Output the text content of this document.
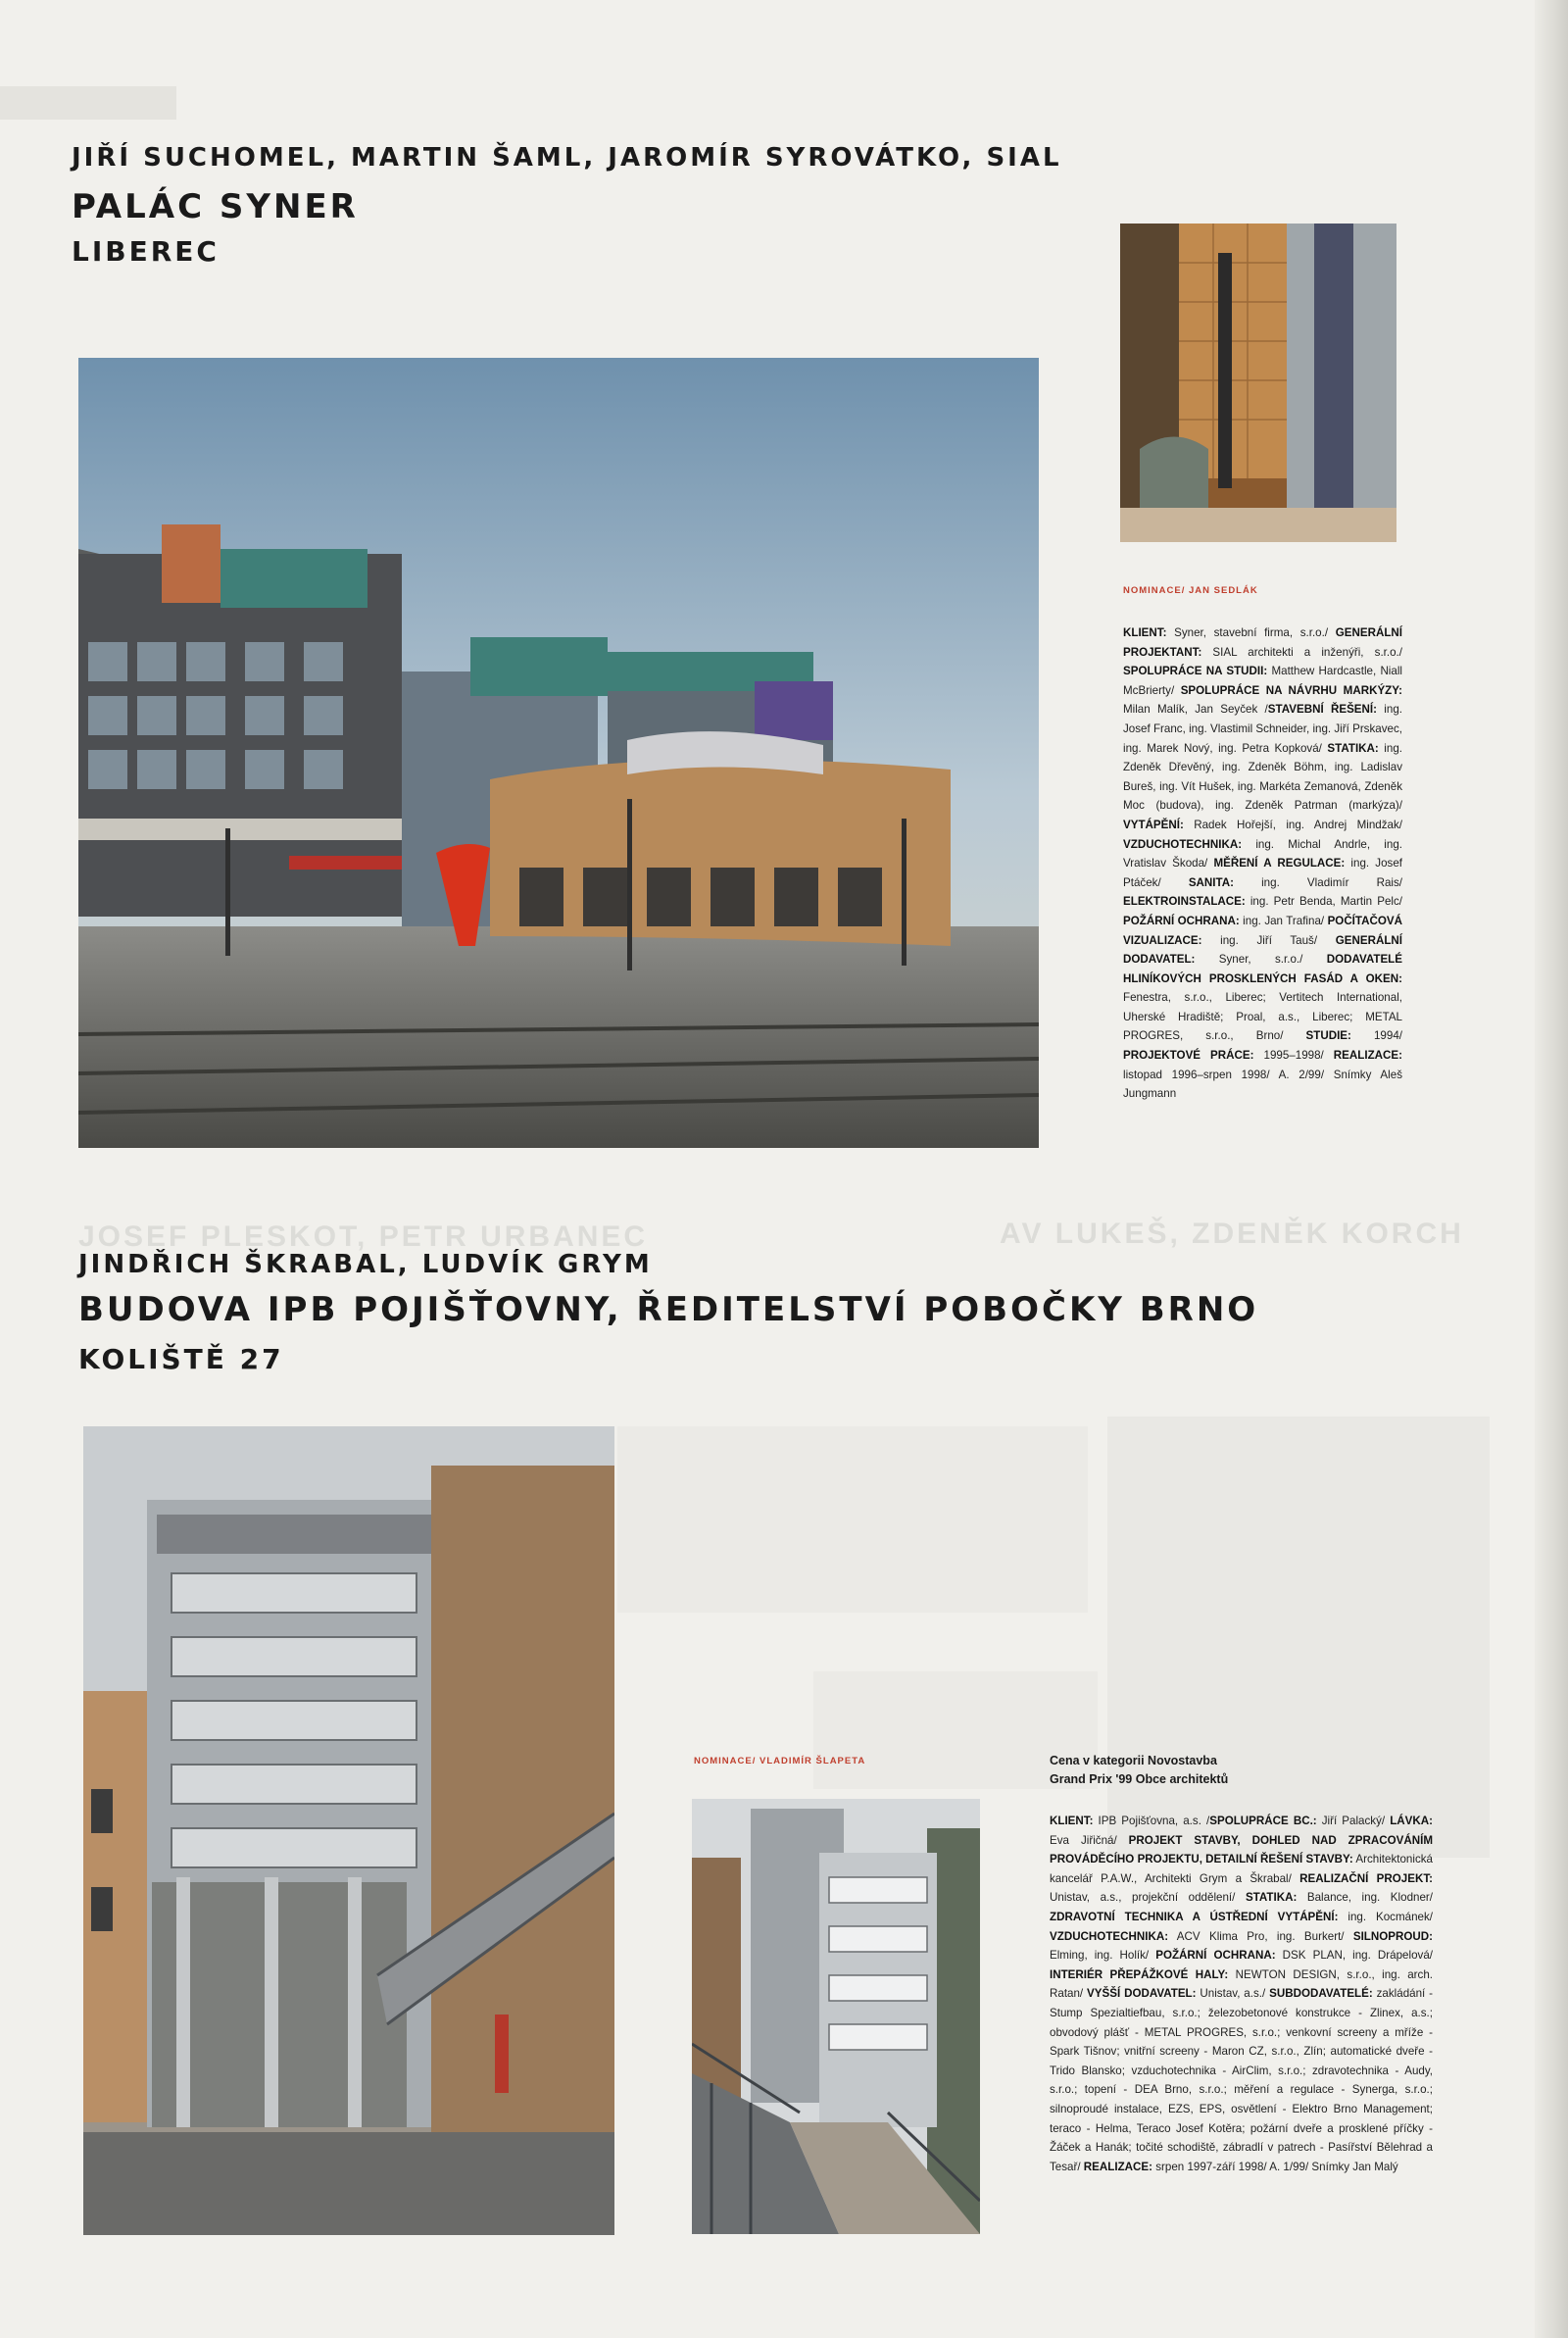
JIŘÍ SUCHOMEL, MARTIN ŠAML, JAROMÍR SYROVÁTKO, SIAL
PALÁC SYNER
LIBEREC
NOMINACE/ JAN SEDLÁK
KLIENT: Syner, stavební firma, s.r.o./ GENERÁLNÍ PROJEKTANT: SIAL architekti a inženýři, s.r.o./ SPOLUPRÁCE NA STUDII: Matthew Hardcastle, Niall McBrierty/ SPOLUPRÁCE NA NÁVRHU MARKÝZY: Milan Malík, Jan Seyček /STAVEBNÍ ŘEŠENÍ: ing. Josef Franc, ing. Vlastimil Schneider, ing. Jiří Prskavec, ing. Marek Nový, ing. Petra Kopková/ STATIKA: ing. Zdeněk Dřevěný, ing. Zdeněk Böhm, ing. Ladislav Bureš, ing. Vít Hušek, ing. Markéta Zemanová, Zdeněk Moc (budova), ing. Zdeněk Patrman (markýza)/ VYTÁPĚNÍ: Radek Hořejší, ing. Andrej Mindžak/ VZDUCHOTECHNIKA: ing. Michal Andrle, ing. Vratislav Škoda/ MĚŘENÍ A REGULACE: ing. Josef Ptáček/ SANITA: ing. Vladimír Rais/ ELEKTROINSTALACE: ing. Petr Benda, Martin Pelc/ POŽÁRNÍ OCHRANA: ing. Jan Trafina/ POČÍTAČOVÁ VIZUALIZACE: ing. Jiří Tauš/ GENERÁLNÍ DODAVATEL: Syner, s.r.o./ DODAVATELÉ HLINÍKOVÝCH PROSKLENÝCH FASÁD A OKEN: Fenestra, s.r.o., Liberec; Vertitech International, Uherské Hradiště; Proal, a.s., Liberec; METAL PROGRES, s.r.o., Brno/ STUDIE: 1994/ PROJEKTOVÉ PRÁCE: 1995–1998/ REALIZACE: listopad 1996–srpen 1998/ A. 2/99/ Snímky Aleš Jungmann
JOSEF PLESKOT, PETR URBANEC	AV LUKEŠ, ZDENĚK KORCH
JINDŘICH ŠKRABAL, LUDVÍK GRYM
BUDOVA IPB POJIŠŤOVNY, ŘEDITELSTVÍ POBOČKY BRNO
KOLIŠTĚ 27
NOMINACE/ VLADIMÍR ŠLAPETA	Cena v kategorii Novostavba
Grand Prix '99 Obce architektů
KLIENT: IPB Pojišťovna, a.s. /SPOLUPRÁCE BC.: Jiří Palacký/ LÁVKA: Eva Jiřičná/ PROJEKT STAVBY, DOHLED NAD ZPRACOVÁNÍM PROVÁDĚCÍHO PROJEKTU, DETAILNÍ ŘEŠENÍ STAVBY: Architektonická kancelář P.A.W., Architekti Grym a Škrabal/ REALIZAČNÍ PROJEKT: Unistav, a.s., projekční oddělení/ STATIKA: Balance, ing. Klodner/ ZDRAVOTNÍ TECHNIKA A ÚSTŘEDNÍ VYTÁPĚNÍ: ing. Kocmánek/ VZDUCHOTECHNIKA: ACV Klima Pro, ing. Burkert/ SILNOPROUD: Elming, ing. Holík/ POŽÁRNÍ OCHRANA: DSK PLAN, ing. Drápelová/ INTERIÉR PŘEPÁŽKOVÉ HALY: NEWTON DESIGN, s.r.o., ing. arch. Ratan/ VYŠŠÍ DODAVATEL: Unistav, a.s./ SUBDODAVATELÉ: zakládání - Stump Spezialtiefbau, s.r.o.; železobetonové konstrukce - Zlinex, a.s.; obvodový plášť - METAL PROGRES, s.r.o.; venkovní screeny a mříže - Spark Tišnov; vnitřní screeny - Maron CZ, s.r.o., Zlín; automatické dveře - Trido Blansko; vzduchotechnika - AirClim, s.r.o.; zdravotechnika - Audy, s.r.o.; topení - DEA Brno, s.r.o.; měření a regulace - Synerga, s.r.o.; silnoproudé instalace, EZS, EPS, osvětlení - Elektro Brno Management; teraco - Helma, Teraco Josef Kotěra; požární dveře a prosklené příčky - Žáček a Hanák; točité schodiště, zábradlí v patrech - Pasířství Bělehrad a Tesař/ REALIZACE: srpen 1997-září 1998/ A. 1/99/ Snímky Jan Malý
